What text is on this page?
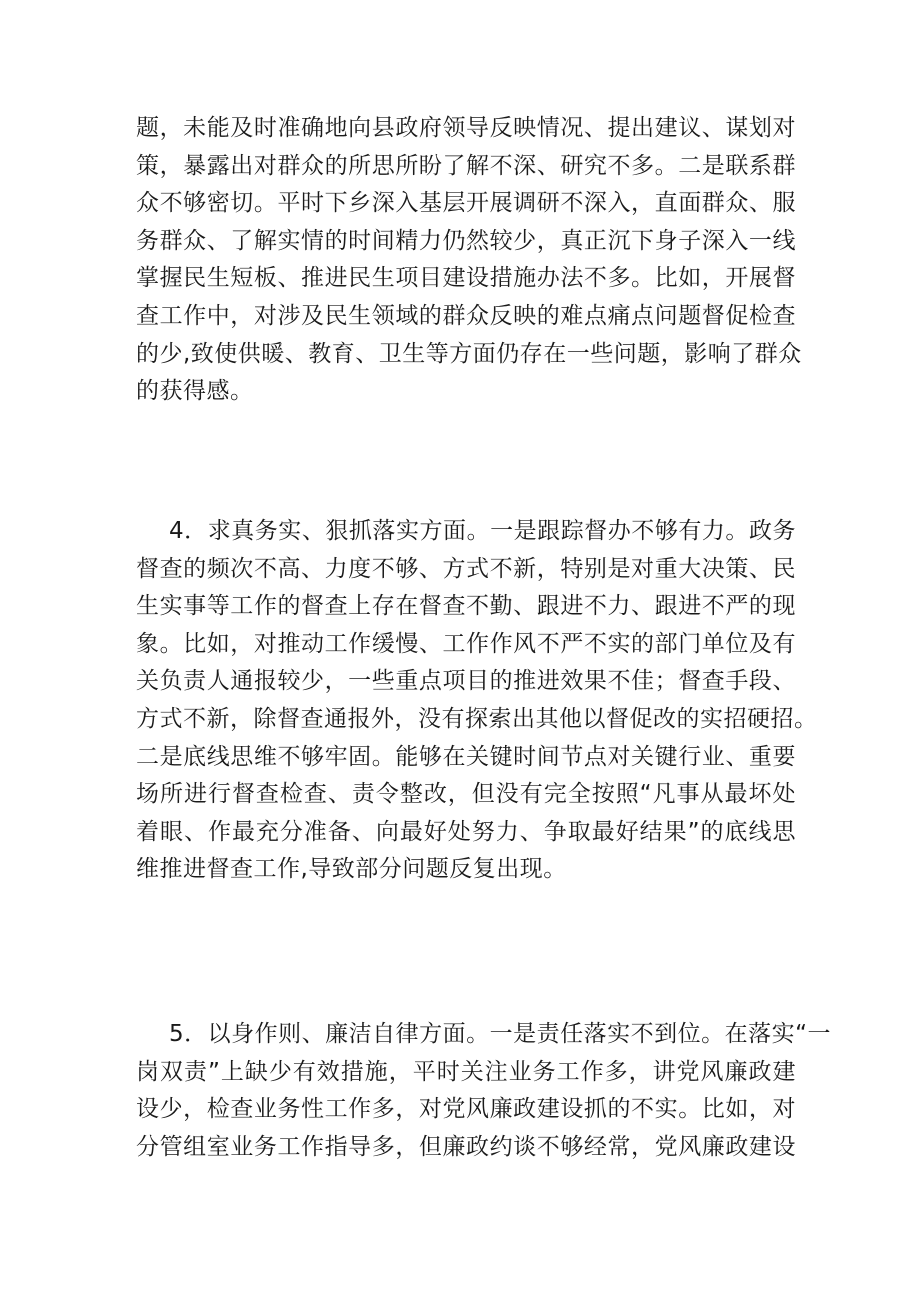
题，未能及时准确地向县政府领导反映情况、提出建议、谋划对
策，暴露出对群众的所思所盼了解不深、研究不多。二是联系群
众不够密切。平时下乡深入基层开展调研不深入，直面群众、服
务群众、了解实情的时间精力仍然较少，真正沉下身子深入一线
掌握民生短板、推进民生项目建设措施办法不多。比如，开展督
查工作中，对涉及民生领域的群众反映的难点痛点问题督促检查
的少,致使供暖、教育、卫生等方面仍存在一些问题，影响了群众
的获得感。
4．求真务实、狠抓落实方面。一是跟踪督办不够有力。政务
督查的频次不高、力度不够、方式不新，特别是对重大决策、民
生实事等工作的督查上存在督查不勤、跟进不力、跟进不严的现
象。比如，对推动工作缓慢、工作作风不严不实的部门单位及有
关负责人通报较少，一些重点项目的推进效果不佳；督查手段、
方式不新，除督查通报外，没有探索出其他以督促改的实招硬招。
二是底线思维不够牢固。能够在关键时间节点对关键行业、重要
场所进行督查检查、责令整改，但没有完全按照“凡事从最坏处
着眼、作最充分准备、向最好处努力、争取最好结果”的底线思
维推进督查工作,导致部分问题反复出现。
5．以身作则、廉洁自律方面。一是责任落实不到位。在落实“一
岗双责”上缺少有效措施，平时关注业务工作多，讲党风廉政建
设少，检查业务性工作多，对党风廉政建设抓的不实。比如，对
分管组室业务工作指导多，但廉政约谈不够经常，党风廉政建设
